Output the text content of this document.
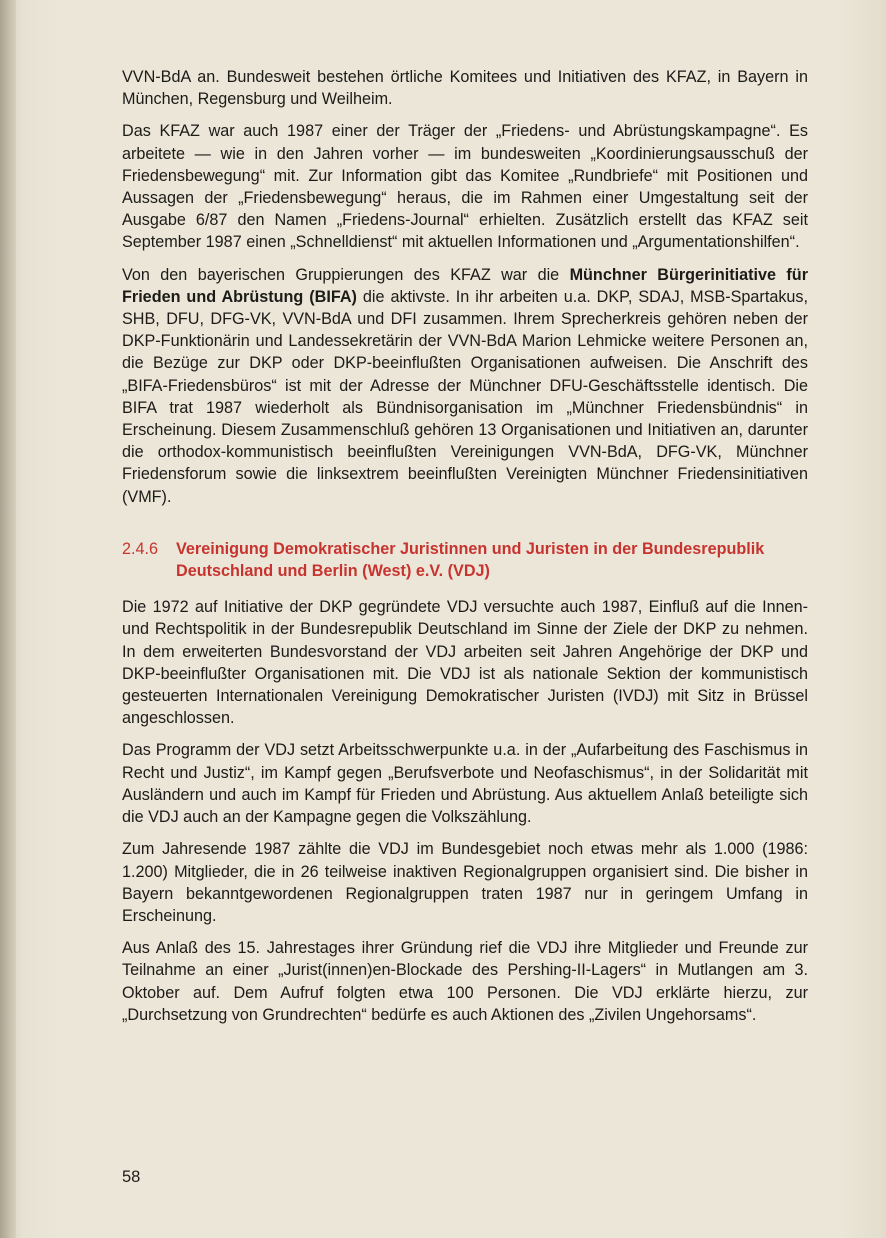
VVN-BdA an. Bundesweit bestehen örtliche Komitees und Initiativen des KFAZ, in Bayern in München, Regensburg und Weilheim.

Das KFAZ war auch 1987 einer der Träger der „Friedens- und Abrüstungskampagne“. Es arbeitete — wie in den Jahren vorher — im bundesweiten „Koordinierungsausschuß der Friedensbewegung“ mit. Zur Information gibt das Komitee „Rundbriefe“ mit Positionen und Aussagen der „Friedensbewegung“ heraus, die im Rahmen einer Umgestaltung seit der Ausgabe 6/87 den Namen „Friedens-Journal“ erhielten. Zusätzlich erstellt das KFAZ seit September 1987 einen „Schnelldienst“ mit aktuellen Informationen und „Argumentationshilfen“.

Von den bayerischen Gruppierungen des KFAZ war die Münchner Bürgerinitiative für Frieden und Abrüstung (BIFA) die aktivste. In ihr arbeiten u.a. DKP, SDAJ, MSB-Spartakus, SHB, DFU, DFG-VK, VVN-BdA und DFI zusammen. Ihrem Sprecherkreis gehören neben der DKP-Funktionärin und Landessekretärin der VVN-BdA Marion Lehmicke weitere Personen an, die Bezüge zur DKP oder DKP-beeinflußten Organisationen aufweisen. Die Anschrift des „BIFA-Friedensbüros“ ist mit der Adresse der Münchner DFU-Geschäftsstelle identisch. Die BIFA trat 1987 wiederholt als Bündnisorganisation im „Münchner Friedensbündnis“ in Erscheinung. Diesem Zusammenschluß gehören 13 Organisationen und Initiativen an, darunter die orthodox-kommunistisch beeinflußten Vereinigungen VVN-BdA, DFG-VK, Münchner Friedensforum sowie die linksextrem beeinflußten Vereinigten Münchner Friedensinitiativen (VMF).

2.4.6	Vereinigung Demokratischer Juristinnen und Juristen in der Bundesrepublik Deutschland und Berlin (West) e.V. (VDJ)

Die 1972 auf Initiative der DKP gegründete VDJ versuchte auch 1987, Einfluß auf die Innen- und Rechtspolitik in der Bundesrepublik Deutschland im Sinne der Ziele der DKP zu nehmen. In dem erweiterten Bundesvorstand der VDJ arbeiten seit Jahren Angehörige der DKP und DKP-beeinflußter Organisationen mit. Die VDJ ist als nationale Sektion der kommunistisch gesteuerten Internationalen Vereinigung Demokratischer Juristen (IVDJ) mit Sitz in Brüssel angeschlossen.

Das Programm der VDJ setzt Arbeitsschwerpunkte u.a. in der „Aufarbeitung des Faschismus in Recht und Justiz“, im Kampf gegen „Berufsverbote und Neofaschismus“, in der Solidarität mit Ausländern und auch im Kampf für Frieden und Abrüstung. Aus aktuellem Anlaß beteiligte sich die VDJ auch an der Kampagne gegen die Volkszählung.

Zum Jahresende 1987 zählte die VDJ im Bundesgebiet noch etwas mehr als 1.000 (1986: 1.200) Mitglieder, die in 26 teilweise inaktiven Regionalgruppen organisiert sind. Die bisher in Bayern bekanntgewordenen Regionalgruppen traten 1987 nur in geringem Umfang in Erscheinung.

Aus Anlaß des 15. Jahrestages ihrer Gründung rief die VDJ ihre Mitglieder und Freunde zur Teilnahme an einer „Jurist(innen)en-Blockade des Pershing-II-Lagers“ in Mutlangen am 3. Oktober auf. Dem Aufruf folgten etwa 100 Personen. Die VDJ erklärte hierzu, zur „Durchsetzung von Grundrechten“ bedürfe es auch Aktionen des „Zivilen Ungehorsams“.

58
